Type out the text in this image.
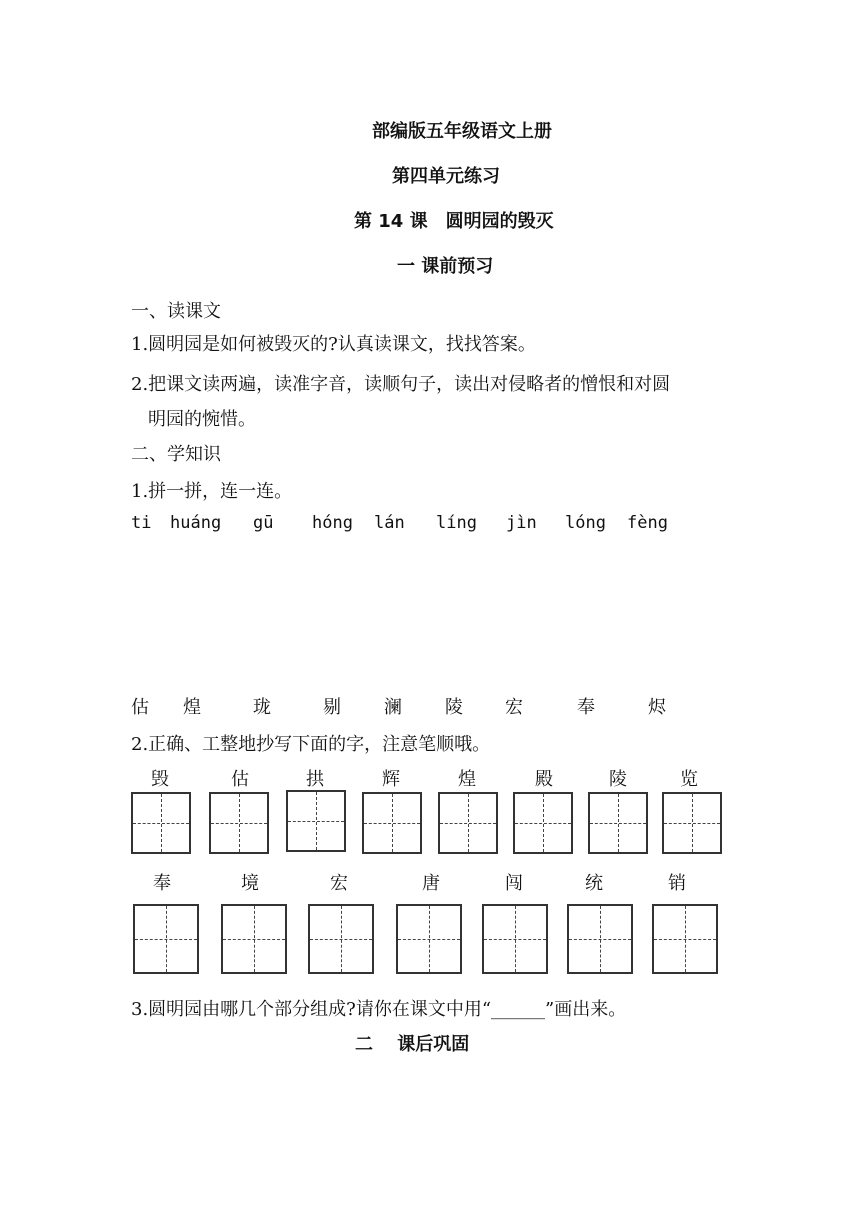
部编版五年级语文上册
第四单元练习
第 14 课　圆明园的毁灭
一 课前预习
一、读课文
1.圆明园是如何被毁灭的?认真读课文，找找答案。
2.把课文读两遍，读准字音，读顺句子，读出对侵略者的憎恨和对圆
明园的惋惜。
二、学知识
1.拼一拼，连一连。
ti huáng gū hóng lán líng jìn lóng fèng
估 煌	珑	剔 澜 陵 宏	奉	烬
2.正确、工整地抄写下面的字，注意笔顺哦。
毁	估	拱	辉	煌	殿	陵	览
奉	境	宏	唐	闯	统	销
3.圆明园由哪几个部分组成?请你在课文中用“______”画出来。
二　 课后巩固
